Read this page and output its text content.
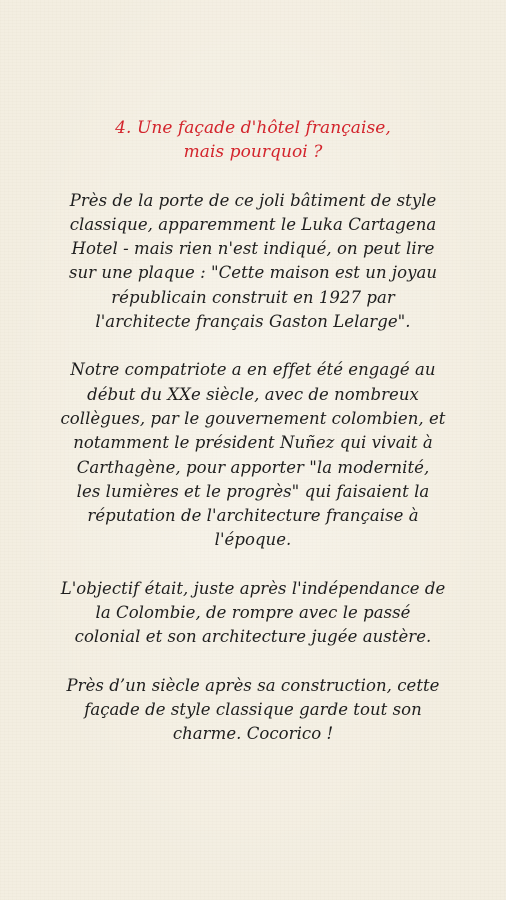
4. Une façade d'hôtel française,
mais pourquoi ?
Près de la porte de ce joli bâtiment de style
classique, apparemment le Luka Cartagena
Hotel - mais rien n'est indiqué, on peut lire
sur une plaque : "Cette maison est un joyau
républicain construit en 1927 par
l'architecte français Gaston Lelarge".
Notre compatriote a en effet été engagé au
début du XXe siècle, avec de nombreux
collègues, par le gouvernement colombien, et
notamment le président Nuñez qui vivait à
Carthagène, pour apporter "la modernité,
les lumières et le progrès" qui faisaient la
réputation de l'architecture française à
l'époque.
L'objectif était, juste après l'indépendance de
la Colombie, de rompre avec le passé
colonial et son architecture jugée austère.
Près d’un siècle après sa construction, cette
façade de style classique garde tout son
charme. Cocorico !
